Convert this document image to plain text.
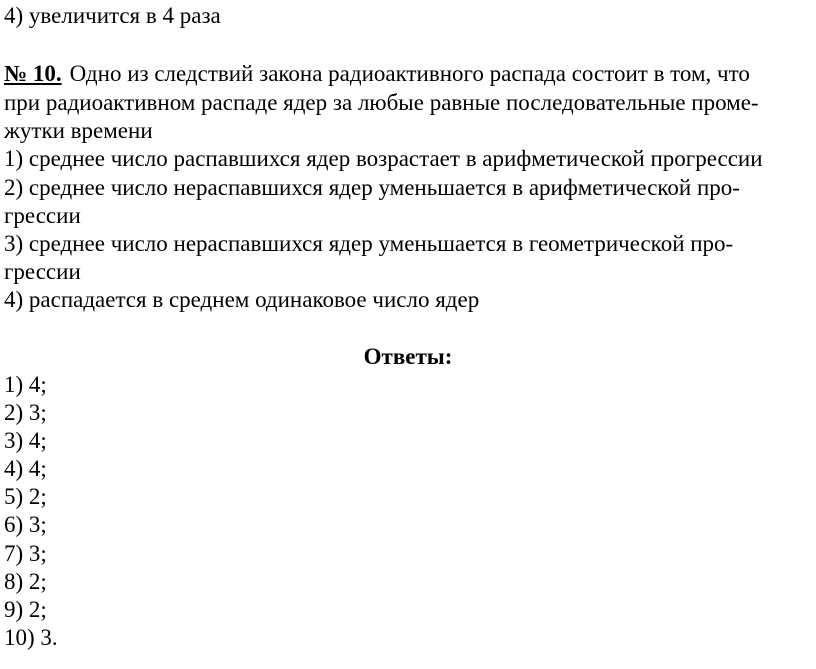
4) увеличится в 4 раза
№ 10. Одно из следствий закона радиоактивного распада состоит в том, что
при радиоактивном распаде ядер за любые равные последовательные проме-
жутки времени
1) среднее число распавшихся ядер возрастает в арифметической прогрессии
2) среднее число нераспавшихся ядер уменьшается в арифметической про-
грессии
3) среднее число нераспавшихся ядер уменьшается в геометрической про-
грессии
4) распадается в среднем одинаковое число ядер
Ответы:
1) 4;
2) 3;
3) 4;
4) 4;
5) 2;
6) 3;
7) 3;
8) 2;
9) 2;
10) 3.
